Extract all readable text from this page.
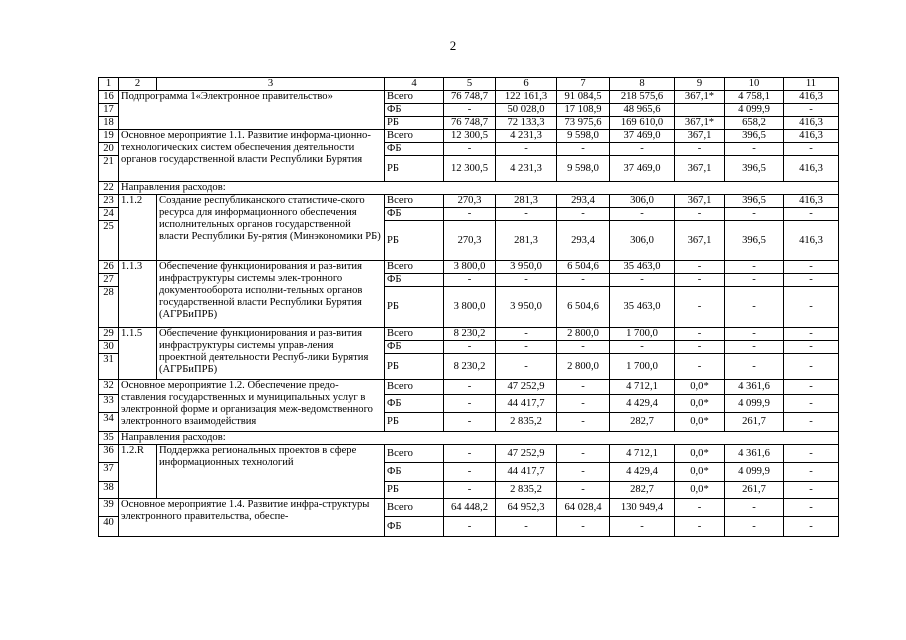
2
1	2	3	4	5	6	7	8	9	10	11
16	Подпрограмма 1«Электронное правительство»		Всего	76 748,7	122 161,3	91 084,5	218 575,6	367,1*	4 758,1	416,3
17			ФБ	-	50 028,0	17 108,9	48 965,6		4 099,9	-
18			РБ	76 748,7	72 133,3	73 975,6	169 610,0	367,1*	658,2	416,3
19	Основное мероприятие 1.1. Развитие информа-ционно-технологических систем обеспечения деятельности органов государственной власти Республики Бурятия		Всего	12 300,5	4 231,3	9 598,0	37 469,0	367,1	396,5	416,3
20			ФБ	-	-	-	-	-	-	-
21			РБ	12 300,5	4 231,3	9 598,0	37 469,0	367,1	396,5	416,3
22	Направления расходов:									
23	1.1.2	Создание республиканского статистиче-ского ресурса для информационного обеспечения исполнительных органов государственной власти Республики Бу-рятия (Минэкономики РБ)	Всего	270,3	281,3	293,4	306,0	367,1	396,5	416,3
24			ФБ	-	-	-	-	-	-	-
25			РБ	270,3	281,3	293,4	306,0	367,1	396,5	416,3
26	1.1.3	Обеспечение функционирования и раз-вития инфраструктуры системы элек-тронного документооборота исполни-тельных органов государственной власти Республики Бурятия (АГРБиПРБ)	Всего	3 800,0	3 950,0	6 504,6	35 463,0	-	-	-
27			ФБ	-	-	-	-	-	-	-
28			РБ	3 800,0	3 950,0	6 504,6	35 463,0	-	-	-
29	1.1.5	Обеспечение функционирования и раз-вития инфраструктуры системы управ-ления проектной деятельности Респуб-лики Бурятия (АГРБиПРБ)	Всего	8 230,2	-	2 800,0	1 700,0	-	-	-
30			ФБ	-	-	-	-	-	-	-
31			РБ	8 230,2	-	2 800,0	1 700,0	-	-	-
32	Основное мероприятие 1.2. Обеспечение предо-ставления государственных и муниципальных услуг в электронной форме и организация меж-ведомственного электронного взаимодействия		Всего	-	47 252,9	-	4 712,1	0,0*	4 361,6	-
33			ФБ	-	44 417,7	-	4 429,4	0,0*	4 099,9	-
34			РБ	-	2 835,2	-	282,7	0,0*	261,7	-
35	Направления расходов:									
36	1.2.R	Поддержка региональных проектов в сфере информационных технологий	Всего	-	47 252,9	-	4 712,1	0,0*	4 361,6	-
37			ФБ	-	44 417,7	-	4 429,4	0,0*	4 099,9	-
38			РБ	-	2 835,2	-	282,7	0,0*	261,7	-
39	Основное мероприятие 1.4. Развитие инфра-структуры электронного правительства, обеспе-		Всего	64 448,2	64 952,3	64 028,4	130 949,4	-	-	-
40			ФБ	-	-	-	-	-	-	-
